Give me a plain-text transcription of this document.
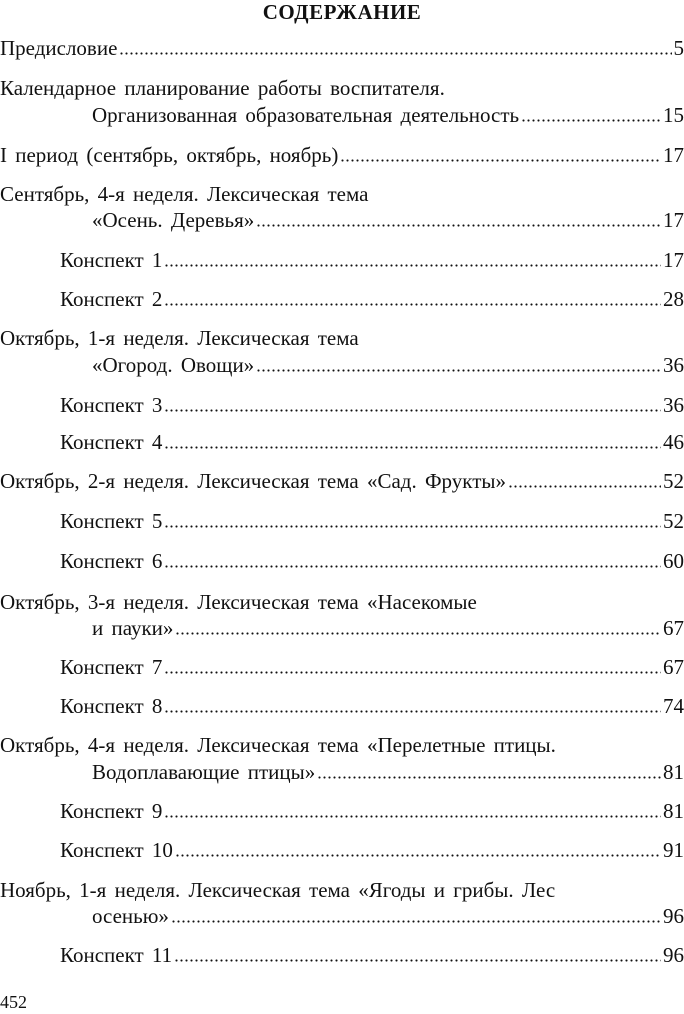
СОДЕРЖАНИЕ
Предисловие	5
Календарное планирование работы воспитателя.
Организованная образовательная деятельность	15
I период (сентябрь, октябрь, ноябрь)	17
Сентябрь, 4-я неделя. Лексическая тема
«Осень. Деревья»	17
Конспект 1	17
Конспект 2	28
Октябрь, 1-я неделя. Лексическая тема
«Огород. Овощи»	36
Конспект 3	36
Конспект 4	46
Октябрь, 2-я неделя. Лексическая тема «Сад. Фрукты»	52
Конспект 5	52
Конспект 6	60
Октябрь, 3-я неделя. Лексическая тема «Насекомые
и пауки»	67
Конспект 7	67
Конспект 8	74
Октябрь, 4-я неделя. Лексическая тема «Перелетные птицы.
Водоплавающие птицы»	81
Конспект 9	81
Конспект 10	91
Ноябрь, 1-я неделя. Лексическая тема «Ягоды и грибы. Лес
осенью»	96
Конспект 11	96
452
